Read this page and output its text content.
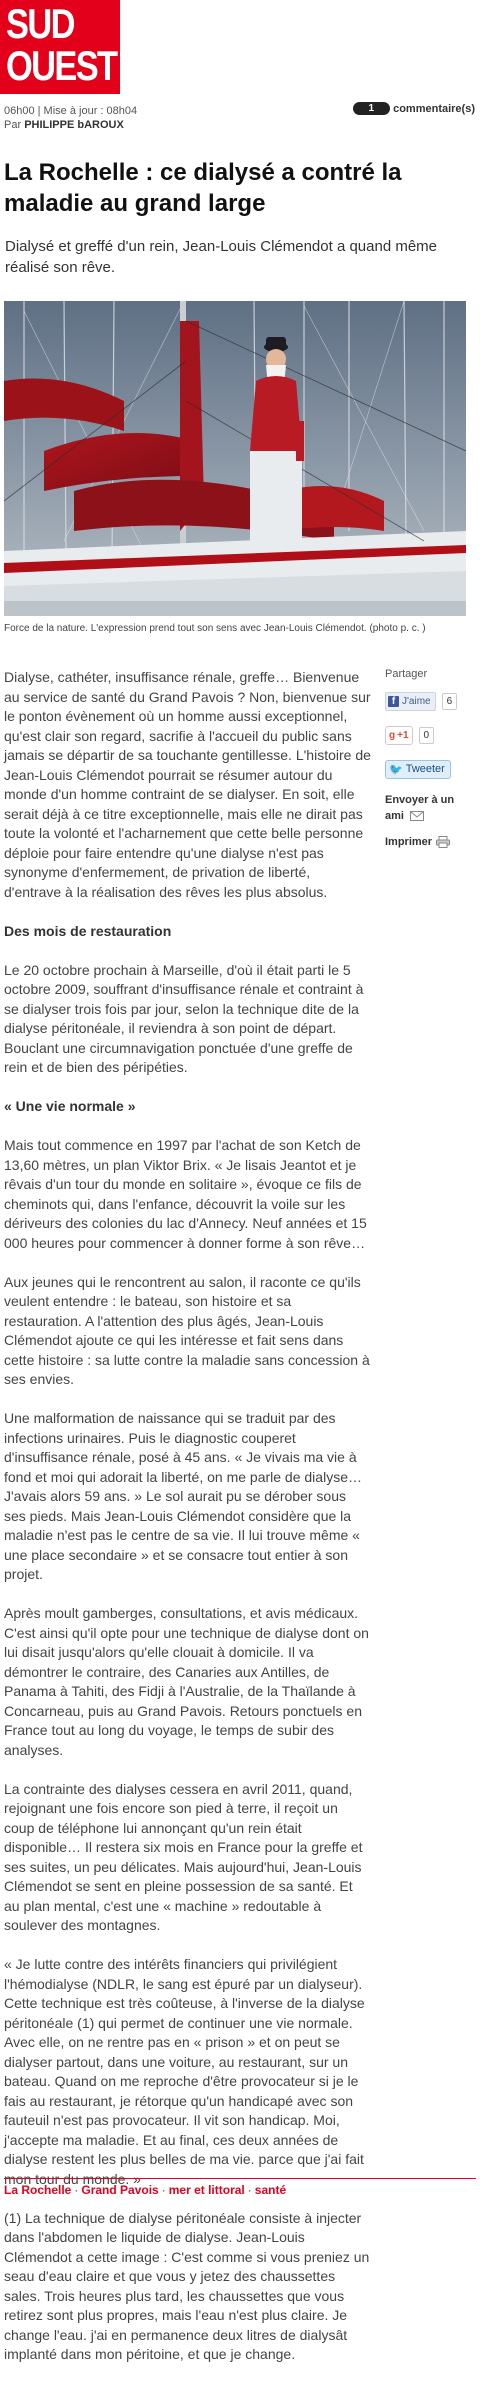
SUD
OUEST
06h00 | Mise à jour : 08h04
Par PHILIPPE bAROUX
1	commentaire(s)
La Rochelle : ce dialysé a contré la maladie au grand large

Dialysé et greffé d'un rein, Jean-Louis Clémendot a quand même réalisé son rêve.

Force de la nature. L'expression prend tout son sens avec Jean-Louis Clémendot. (photo p. c. )

Dialyse, cathéter, insuffisance rénale, greffe… Bienvenue au service de santé du Grand Pavois ? Non, bienvenue sur le ponton évènement où un homme aussi exceptionnel, qu'est clair son regard, sacrifie à l'accueil du public sans jamais se départir de sa touchante gentillesse. L'histoire de Jean-Louis Clémendot pourrait se résumer autour du monde d'un homme contraint de se dialyser. En soit, elle serait déjà à ce titre exceptionnelle, mais elle ne dirait pas toute la volonté et l'acharnement que cette belle personne déploie pour faire entendre qu'une dialyse n'est pas synonyme d'enfermement, de privation de liberté, d'entrave à la réalisation des rêves les plus absolus.

Des mois de restauration

Le 20 octobre prochain à Marseille, d'où il était parti le 5 octobre 2009, souffrant d'insuffisance rénale et contraint à se dialyser trois fois par jour, selon la technique dite de la dialyse péritonéale, il reviendra à son point de départ. Bouclant une circumnavigation ponctuée d'une greffe de rein et de bien des péripéties.

« Une vie normale »

Mais tout commence en 1997 par l'achat de son Ketch de 13,60 mètres, un plan Viktor Brix. « Je lisais Jeantot et je rêvais d'un tour du monde en solitaire », évoque ce fils de cheminots qui, dans l'enfance, découvrit la voile sur les dériveurs des colonies du lac d'Annecy. Neuf années et 15 000 heures pour commencer à donner forme à son rêve…

Aux jeunes qui le rencontrent au salon, il raconte ce qu'ils veulent entendre : le bateau, son histoire et sa restauration. A l'attention des plus âgés, Jean-Louis Clémendot ajoute ce qui les intéresse et fait sens dans cette histoire : sa lutte contre la maladie sans concession à ses envies.

Une malformation de naissance qui se traduit par des infections urinaires. Puis le diagnostic couperet d'insuffisance rénale, posé à 45 ans. « Je vivais ma vie à fond et moi qui adorait la liberté, on me parle de dialyse… J'avais alors 59 ans. » Le sol aurait pu se dérober sous ses pieds. Mais Jean-Louis Clémendot considère que la maladie n'est pas le centre de sa vie. Il lui trouve même « une place secondaire » et se consacre tout entier à son projet.

Après moult gamberges, consultations, et avis médicaux. C'est ainsi qu'il opte pour une technique de dialyse dont on lui disait jusqu'alors qu'elle clouait à domicile. Il va démontrer le contraire, des Canaries aux Antilles, de Panama à Tahiti, des Fidji à l'Australie, de la Thaïlande à Concarneau, puis au Grand Pavois. Retours ponctuels en France tout au long du voyage, le temps de subir des analyses.

La contrainte des dialyses cessera en avril 2011, quand, rejoignant une fois encore son pied à terre, il reçoit un coup de téléphone lui annonçant qu'un rein était disponible… Il restera six mois en France pour la greffe et ses suites, un peu délicates. Mais aujourd'hui, Jean-Louis Clémendot se sent en pleine possession de sa santé. Et au plan mental, c'est une « machine » redoutable à soulever des montagnes.

« Je lutte contre des intérêts financiers qui privilégient l'hémodialyse (NDLR, le sang est épuré par un dialyseur). Cette technique est très coûteuse, à l'inverse de la dialyse péritonéale (1) qui permet de continuer une vie normale. Avec elle, on ne rentre pas en « prison » et on peut se dialyser partout, dans une voiture, au restaurant, sur un bateau. Quand on me reproche d'être provocateur si je le fais au restaurant, je rétorque qu'un handicapé avec son fauteuil n'est pas provocateur. Il vit son handicap. Moi, j'accepte ma maladie. Et au final, ces deux années de dialyse restent les plus belles de ma vie. parce que j'ai fait mon tour du monde. »

(1) La technique de dialyse péritonéale consiste à injecter dans l'abdomen le liquide de dialyse. Jean-Louis Clémendot a cette image : C'est comme si vous preniez un seau d'eau claire et que vous y jetez des chaussettes sales. Trois heures plus tard, les chaussettes que vous retirez sont plus propres, mais l'eau n'est plus claire. Je change l'eau. j'ai en permanence deux litres de dialysât implanté dans mon péritoine, et que je change.

Partager
f J'aime	6
g +1	0
🐦 Tweeter
Envoyer à un ami
Imprimer
La Rochelle · Grand Pavois · mer et littoral · santé
